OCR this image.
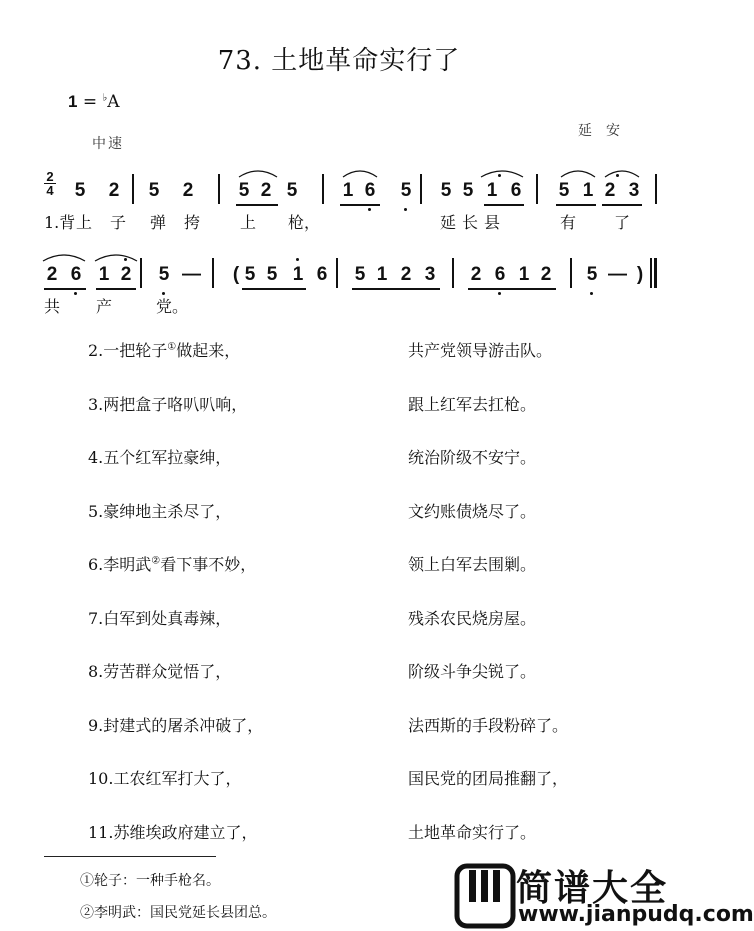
73. 土地革命实行了
1 = ♭A
中速
延安
2
4 5 2 5 2 5 2 5 1 6 5 5 5 1 6 5 1 2 3
1.背 上 子 弹 挎 上 枪，	延 长 县	有 了
2 6 1 2 5 — ( 5 5 1 6 5 1 2 3 2 6 1 2 5 — )
共 产	党。
2.一把轮子①做起来，	共产党领导游击队。
3.两把盒子咯叭叭响，	跟上红军去扛枪。
4.五个红军拉豪绅，	统治阶级不安宁。
5.豪绅地主杀尽了，	文约账债烧尽了。
6.李明武②看下事不妙，	领上白军去围剿。
7.白军到处真毒辣，	残杀农民烧房屋。
8.劳苦群众觉悟了，	阶级斗争尖锐了。
9.封建式的屠杀冲破了，	法西斯的手段粉碎了。
10.工农红军打大了，	国民党的团局推翻了，
11.苏维埃政府建立了，	土地革命实行了。
①轮子：一种手枪名。
②李明武：国民党延长县团总。
简谱大全
www.jianpudq.com
